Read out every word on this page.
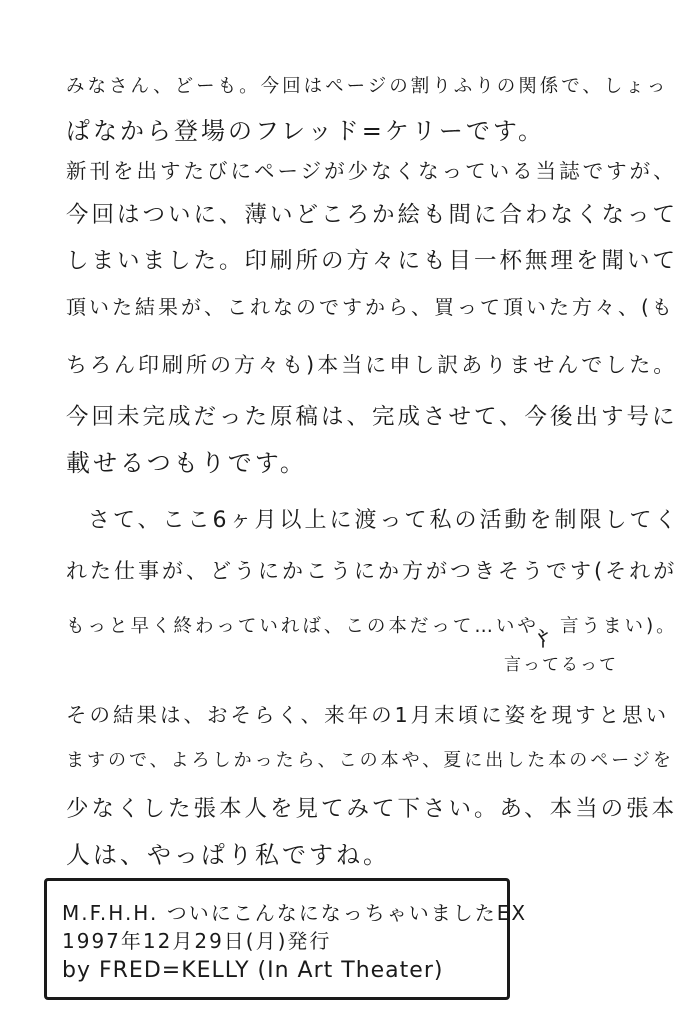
みなさん、どーも。今回はページの割りふりの関係で、しょっ
ぱなから登場のフレッド=ケリーです。
新刊を出すたびにページが少なくなっている当誌ですが、
今回はついに、薄いどころか絵も間に合わなくなって
しまいました。印刷所の方々にも目一杯無理を聞いて
頂いた結果が、これなのですから、買って頂いた方々、(も
ちろん印刷所の方々も)本当に申し訳ありませんでした。
今回未完成だった原稿は、完成させて、今後出す号に
載せるつもりです。
さて、ここ6ヶ月以上に渡って私の活動を制限してく
れた仕事が、どうにかこうにか方がつきそうです(それが
もっと早く終わっていれば、この本だって…いや、言うまい)。
言ってるって
その結果は、おそらく、来年の1月末頃に姿を現すと思い
ますので、よろしかったら、この本や、夏に出した本のページを
少なくした張本人を見てみて下さい。あ、本当の張本
人は、やっぱり私ですね。
M.F.H.H. ついにこんなになっちゃいましたEX
1997年12月29日(月)発行
by FRED=KELLY (In Art Theater)
